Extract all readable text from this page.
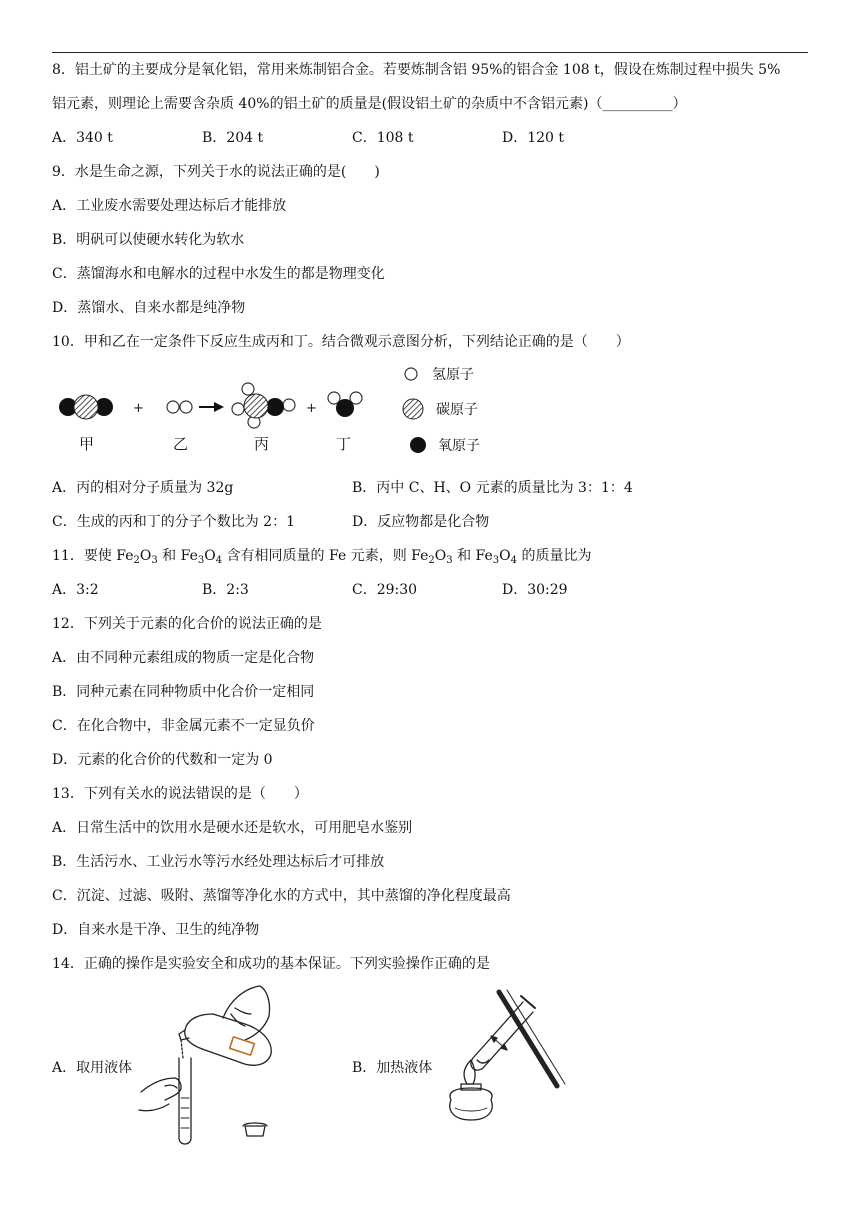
8．铝土矿的主要成分是氧化铝，常用来炼制铝合金。若要炼制含铝 95%的铝合金 108 t，假设在炼制过程中损失 5%
铝元素，则理论上需要含杂质 40%的铝土矿的质量是(假设铝土矿的杂质中不含铝元素)（__________）
A．340 t	B．204 t	C．108 t	D．120 t
9．水是生命之源，下列关于水的说法正确的是(　　)
A．工业废水需要处理达标后才能排放
B．明矾可以使硬水转化为软水
C．蒸馏海水和电解水的过程中水发生的都是物理变化
D．蒸馏水、自来水都是纯净物
10．甲和乙在一定条件下反应生成丙和丁。结合微观示意图分析，下列结论正确的是（　　）
+	+
甲	乙	丙	丁
氢原子
碳原子
氧原子
A．丙的相对分子质量为 32g	B．丙中 C、H、O 元素的质量比为 3：1：4
C．生成的丙和丁的分子个数比为 2：1	D．反应物都是化合物
11．要使 $Fe_2O_3$ 和 $Fe_3O_4$ 含有相同质量的 Fe 元素，则 $Fe_2O_3$ 和 $Fe_3O_4$ 的质量比为
A．3:2	B．2:3	C．29:30	D．30:29
12．下列关于元素的化合价的说法正确的是
A．由不同种元素组成的物质一定是化合物
B．同种元素在同种物质中化合价一定相同
C．在化合物中，非金属元素不一定显负价
D．元素的化合价的代数和一定为 0
13．下列有关水的说法错误的是（　　）
A．日常生活中的饮用水是硬水还是软水，可用肥皂水鉴别
B．生活污水、工业污水等污水经处理达标后才可排放
C．沉淀、过滤、吸附、蒸馏等净化水的方式中，其中蒸馏的净化程度最高
D．自来水是干净、卫生的纯净物
14．正确的操作是实验安全和成功的基本保证。下列实验操作正确的是
A．取用液体	B．加热液体
